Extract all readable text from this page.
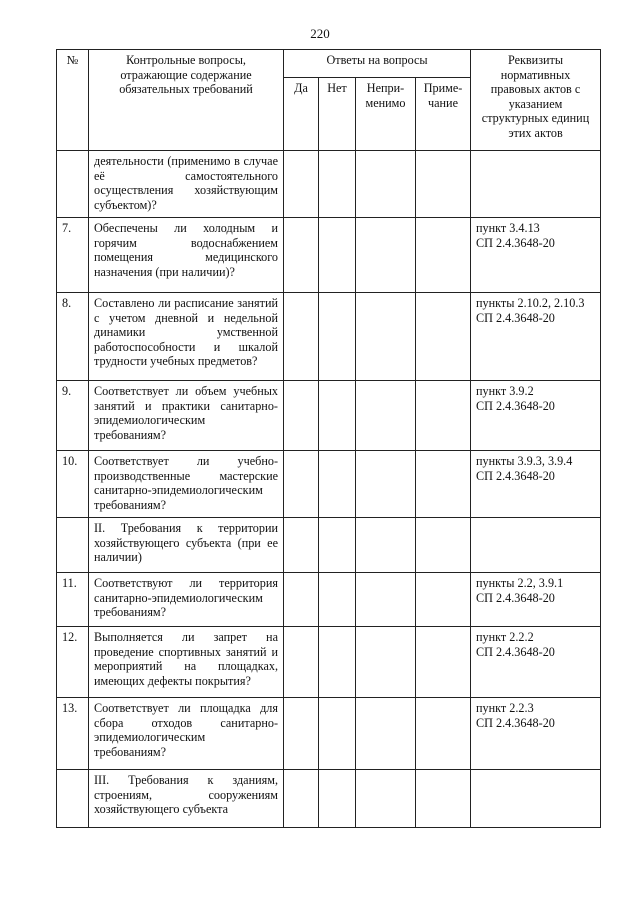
220
№	Контрольные вопросы, отражающие содержание обязательных требований	Ответы на вопросы				Реквизиты нормативных правовых актов с указанием структурных единиц этих актов
		Да	Нет	Непри-менимо	Приме-чание	
	деятельности (применимо в случае её самостоятельного осуществления хозяйствующим субъектом)?					

7.	Обеспечены ли холодным и горячим водоснабжением помещения медицинского назначения (при наличии)?					пункт 3.4.13
СП 2.4.3648-20

8.	Составлено ли расписание занятий с учетом дневной и недельной динамики умственной работоспособности и шкалой трудности учебных предметов?					пункты 2.10.2, 2.10.3
СП 2.4.3648-20

9.	Соответствует ли объем учебных занятий и практики санитарно-эпидемиологическим требованиям?					пункт 3.9.2
СП 2.4.3648-20

10.	Соответствует ли учебно-производственные мастерские санитарно-эпидемиологическим требованиям?					пункты 3.9.3, 3.9.4
СП 2.4.3648-20

	II. Требования к территории хозяйствующего субъекта (при ее наличии)					
11.	Соответствуют ли территория санитарно-эпидемиологическим требованиям?					пункты 2.2, 3.9.1
СП 2.4.3648-20

12.	Выполняется ли запрет на проведение спортивных занятий и мероприятий на площадках, имеющих дефекты покрытия?					пункт 2.2.2
СП 2.4.3648-20

13.	Соответствует ли площадка для сбора отходов санитарно-эпидемиологическим требованиям?					пункт 2.2.3
СП 2.4.3648-20

	III. Требования к зданиям, строениям, сооружениям хозяйствующего субъекта					
